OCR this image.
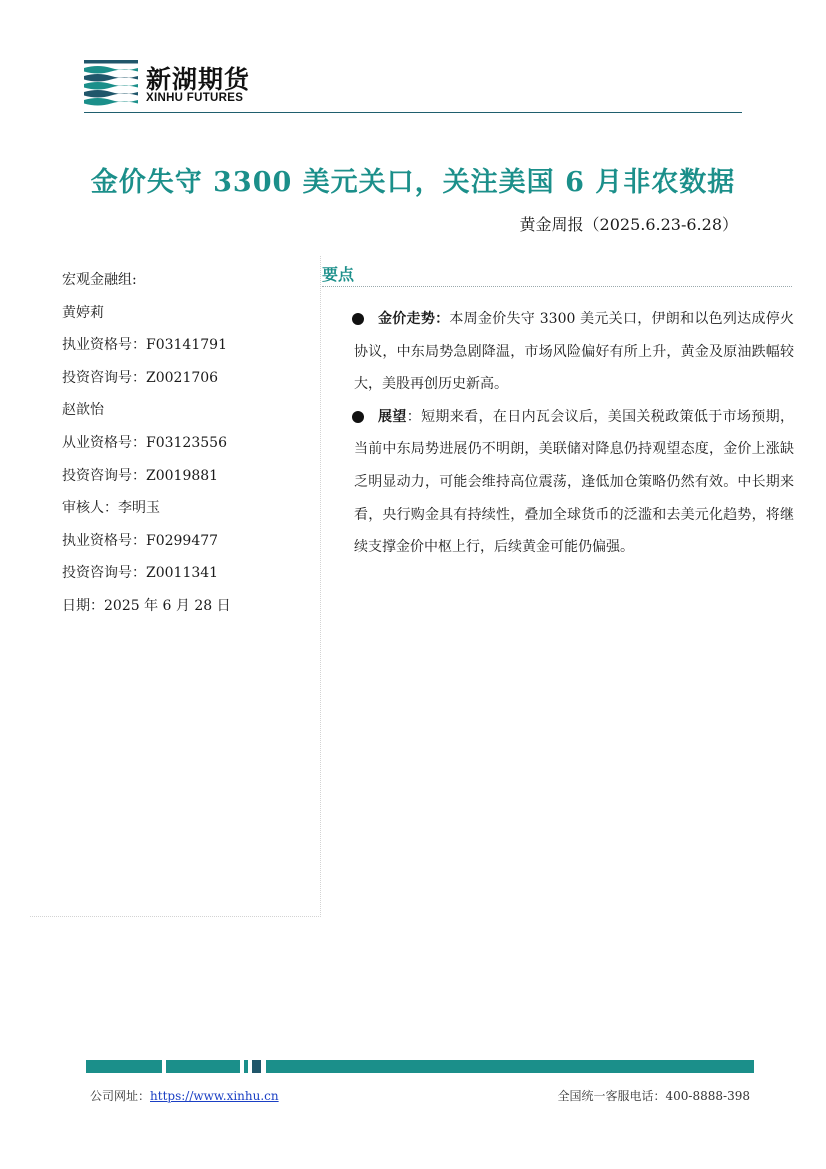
新湖期货
XINHU FUTURES
金价失守 3300 美元关口，关注美国 6 月非农数据
黄金周报（2025.6.23-6.28）
宏观金融组:
黄婷莉
执业资格号：F03141791
投资咨询号：Z0021706
赵歆怡
从业资格号：F03123556
投资咨询号：Z0019881
审核人：李明玉
执业资格号：F0299477
投资咨询号：Z0011341
日期：2025 年 6 月 28 日
要点
金价走势：本周金价失守 3300 美元关口，伊朗和以色列达成停火协议，中东局势急剧降温，市场风险偏好有所上升，黄金及原油跌幅较大，美股再创历史新高。
展望：短期来看，在日内瓦会议后，美国关税政策低于市场预期，当前中东局势进展仍不明朗，美联储对降息仍持观望态度，金价上涨缺乏明显动力，可能会维持高位震荡，逢低加仓策略仍然有效。中长期来看，央行购金具有持续性，叠加全球货币的泛滥和去美元化趋势，将继续支撑金价中枢上行，后续黄金可能仍偏强。
公司网址：https://www.xinhu.cn	全国统一客服电话：400-8888-398
